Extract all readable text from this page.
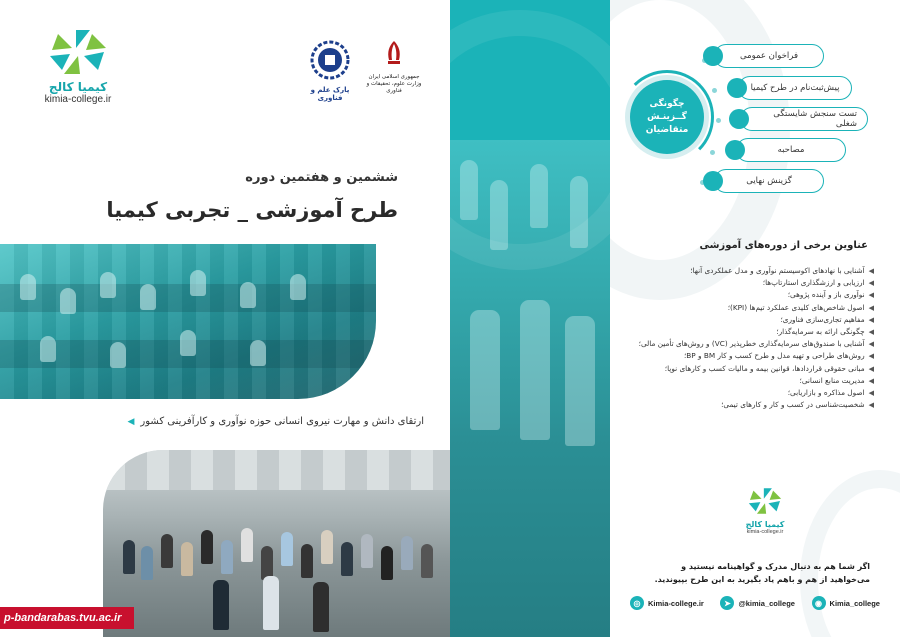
کیمیا کالج
kimia-college.ir
پارک علم و فناوری
جمهوری اسلامی ایران وزارت علوم، تحقیقات و فناوری
ششمین و هفتمین دوره
طرح آموزشی _ تجربی کیمیا
ارتقای دانش و مهارت نیروی انسانی حوزه نوآوری و کارآفرینی کشور
◀
p-bandarabas.tvu.ac.ir
چگونگی
گــزینـش
متقاضیان
فراخوان عمومی
پیش‌ثبت‌نام در طرح کیمیا
تست سنجش شایستگی شغلی
مصاحبه
گزینش نهایی
عناوین برخی از دوره‌های آموزشی
◀
آشنایی با نهادهای اکوسیستم نوآوری و مدل عملکردی آنها؛
◀
ارزیابی و ارزشگذاری استارتاپ‌ها؛
◀
نوآوری باز و آینده پژوهی؛
◀
اصول شاخص‌های کلیدی عملکرد تیم‌ها (KPI)؛
◀
مفاهیم تجاری‌سازی فناوری؛
◀
چگونگی ارائه به سرمایه‌گذار؛
◀
آشنایی با صندوق‌های سرمایه‌گذاری خطرپذیر (VC) و روش‌های تأمین مالی؛
◀
روش‌های طراحی و تهیه مدل و طرح کسب و کار BM و BP؛
◀
مبانی حقوقی قراردادها، قوانین بیمه و مالیات کسب و کارهای نوپا؛
◀
مدیریت منابع انسانی؛
◀
اصول مذاکره و بازاریابی؛
◀
شخصیت‌شناسی در کسب و کار و کارهای تیمی؛
کیمیا کالج
kimia-college.ir
اگر شما هم به دنبال مدرک و گواهینامه نیستید و
می‌خواهید از هم و باهم یاد بگیرید به این طرح بپیوندید.
◎	Kimia-college.ir	➤	@kimia_college	◉	Kimia_college
